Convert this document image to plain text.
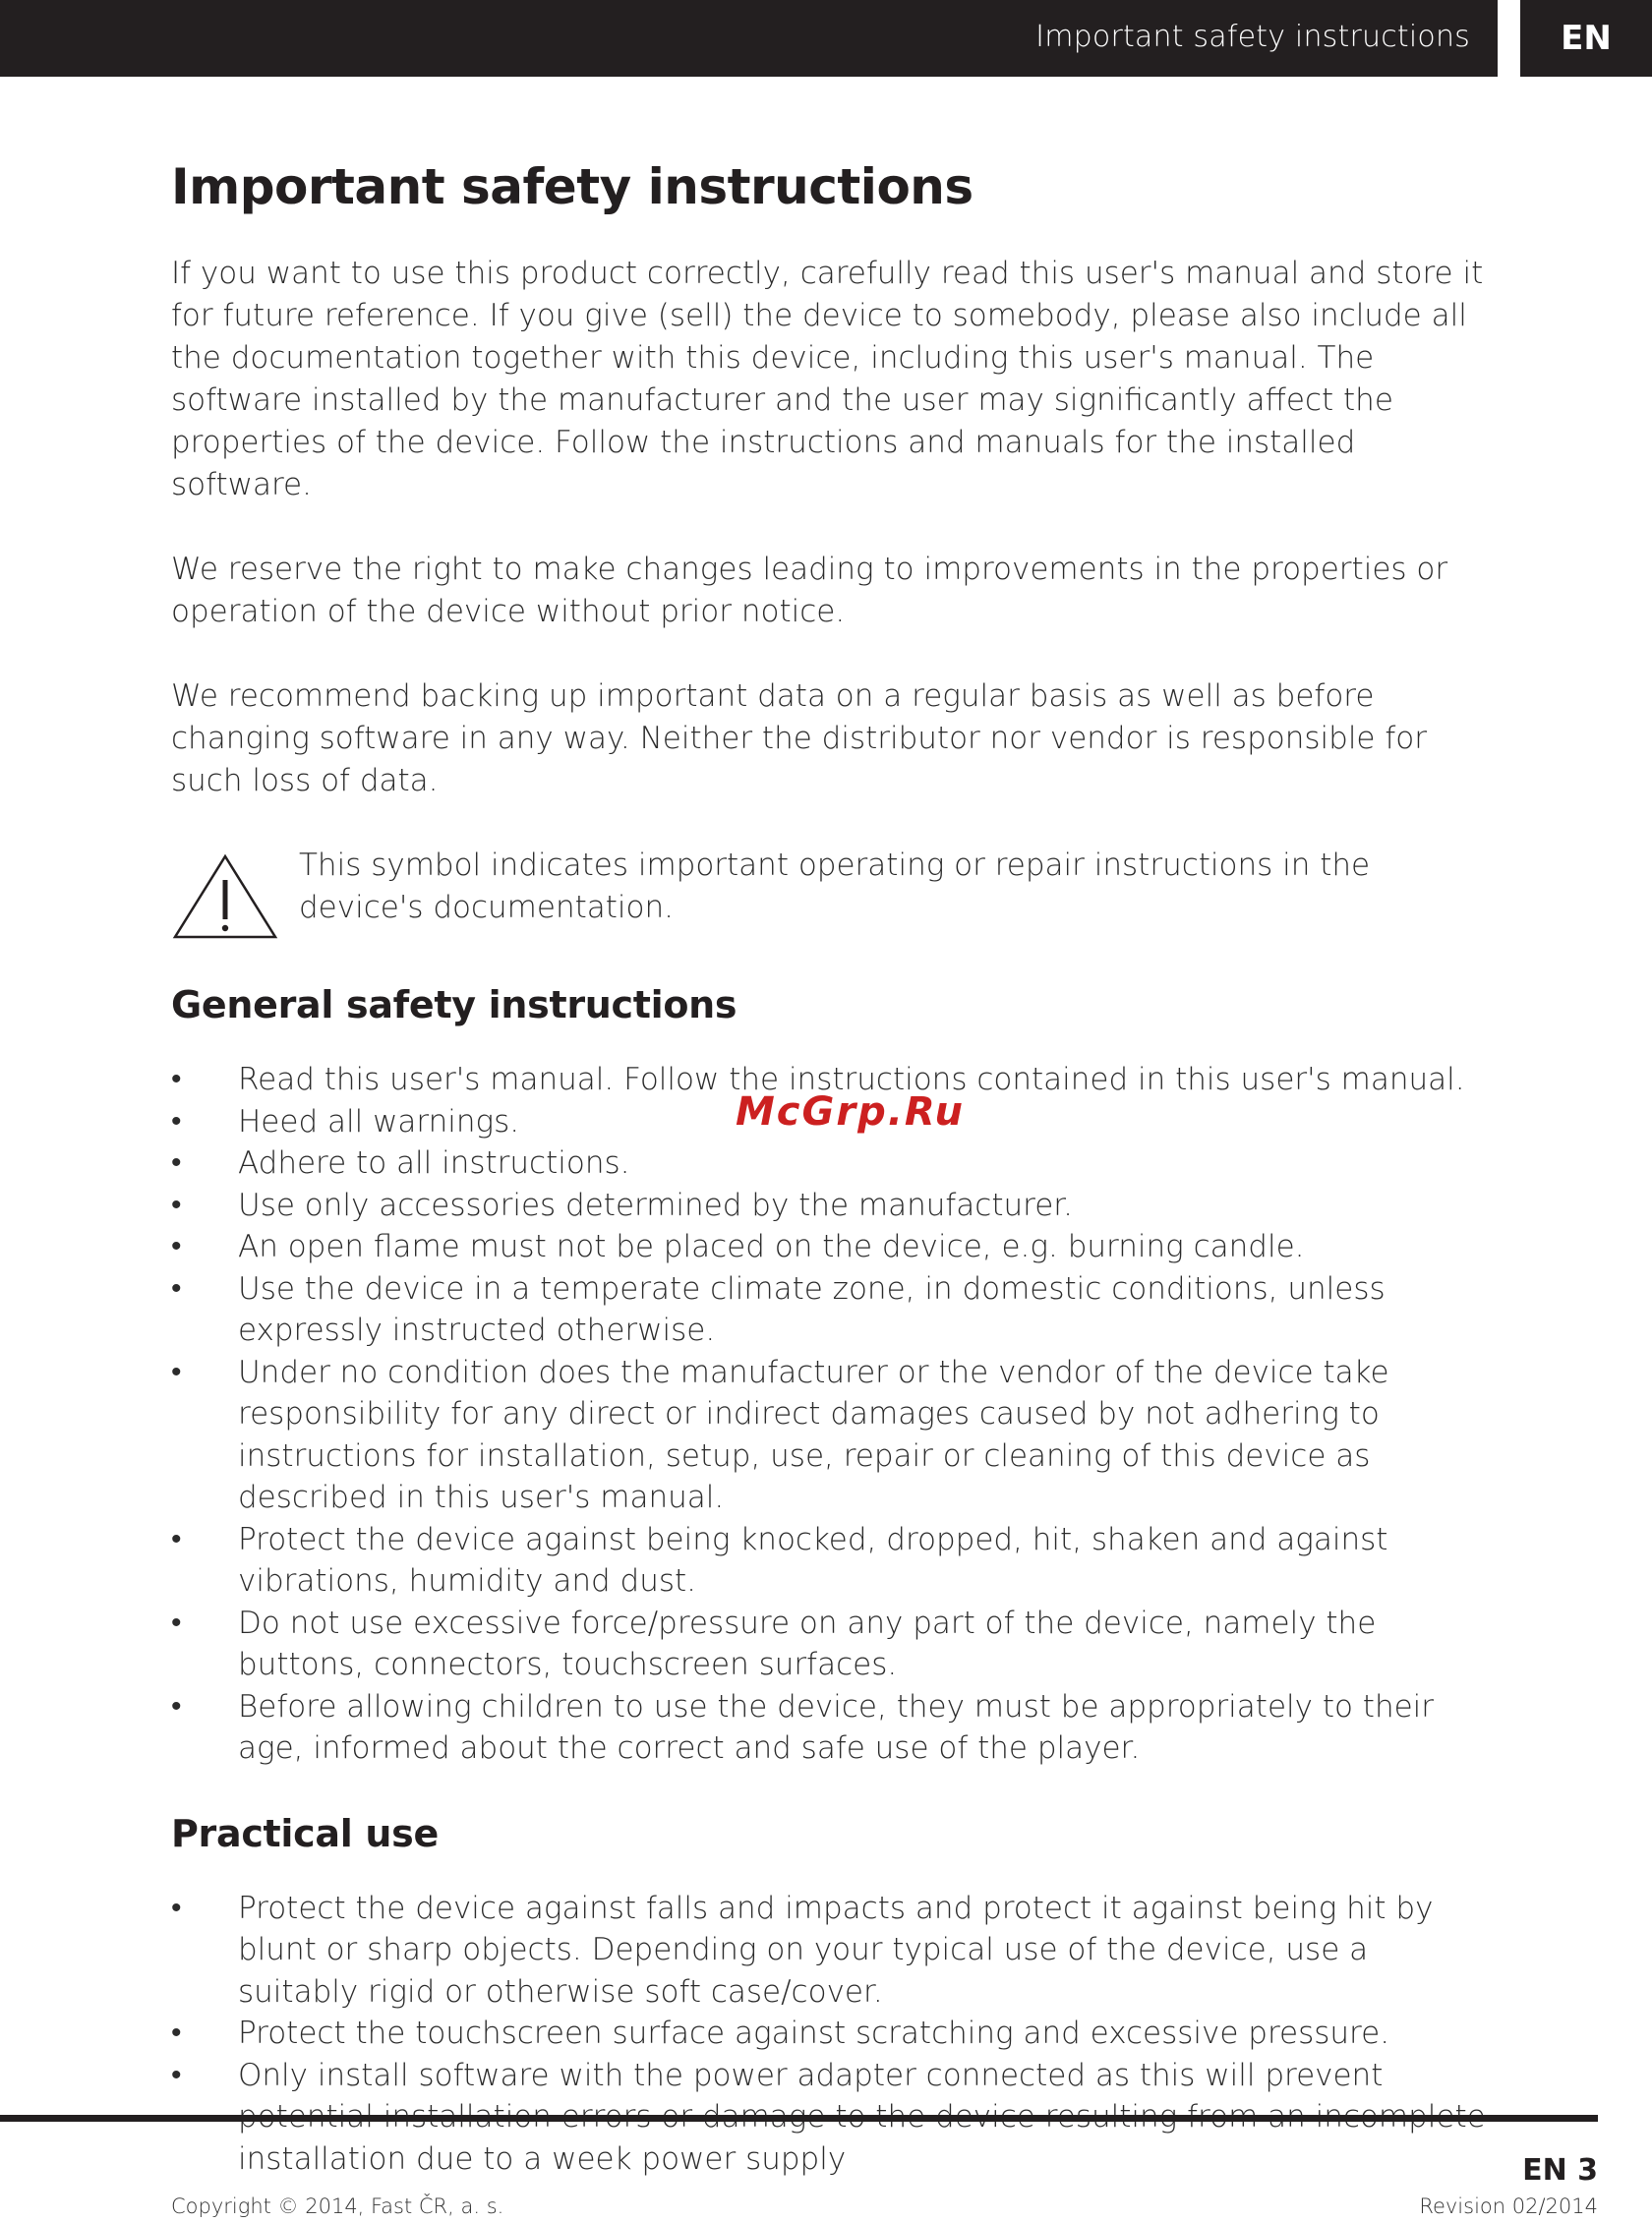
Important safety instructions	EN
Important safety instructions

If you want to use this product correctly, carefully read this user's manual and store it for future reference. If you give (sell) the device to somebody, please also include all the documentation together with this device, including this user's manual. The software installed by the manufacturer and the user may significantly affect the properties of the device. Follow the instructions and manuals for the installed software.

We reserve the right to make changes leading to improvements in the properties or operation of the device without prior notice.

We recommend backing up important data on a regular basis as well as before changing software in any way. Neither the distributor nor vendor is responsible for such loss of data.

This symbol indicates important operating or repair instructions in the device's documentation.

General safety instructions
• Read this user's manual. Follow the instructions contained in this user's manual.
• Heed all warnings.
• Adhere to all instructions.
• Use only accessories determined by the manufacturer.
• An open flame must not be placed on the device, e.g. burning candle.
• Use the device in a temperate climate zone, in domestic conditions, unless expressly instructed otherwise.
• Under no condition does the manufacturer or the vendor of the device take responsibility for any direct or indirect damages caused by not adhering to instructions for installation, setup, use, repair or cleaning of this device as described in this user's manual.
• Protect the device against being knocked, dropped, hit, shaken and against vibrations, humidity and dust.
• Do not use excessive force/pressure on any part of the device, namely the buttons, connectors, touchscreen surfaces.
• Before allowing children to use the device, they must be appropriately to their age, informed about the correct and safe use of the player.
Practical use
• Protect the device against falls and impacts and protect it against being hit by blunt or sharp objects. Depending on your typical use of the device, use a suitably rigid or otherwise soft case/cover.
• Protect the touchscreen surface against scratching and excessive pressure.
• Only install software with the power adapter connected as this will prevent installation due to a week power supply
McGrp.Ru
EN 3
Copyright © 2014, Fast ČR, a. s.	Revision 02/2014
